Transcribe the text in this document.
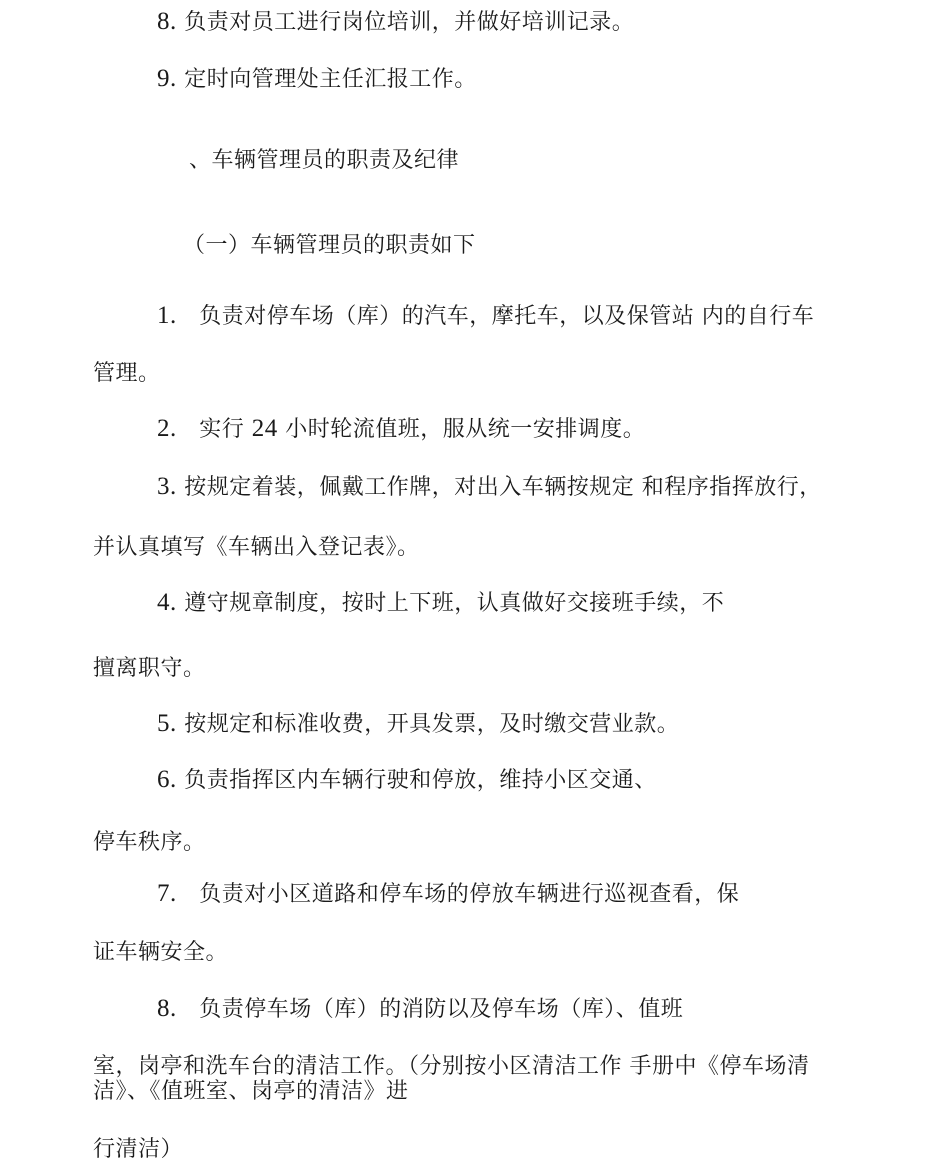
8. 负责对员工进行岗位培训，并做好培训记录。
9. 定时向管理处主任汇报工作。
、车辆管理员的职责及纪律
（一）车辆管理员的职责如下
1. 负责对停车场（库）的汽车，摩托车，以及保管站 内的自行车
管理。
2. 实行 24 小时轮流值班，服从统一安排调度。
3. 按规定着装，佩戴工作牌，对出入车辆按规定 和程序指挥放行，
并认真填写《车辆出入登记表》。
4. 遵守规章制度，按时上下班，认真做好交接班手续，不
擅离职守。
5. 按规定和标准收费，开具发票，及时缴交营业款。
6. 负责指挥区内车辆行驶和停放，维持小区交通、
停车秩序。
7. 负责对小区道路和停车场的停放车辆进行巡视查看，保
证车辆安全。
8. 负责停车场（库）的消防以及停车场（库）、值班
室，岗亭和洗车台的清洁工作。（分别按小区清洁工作 手册中《停车场清洁》、《值班室、岗亭的清洁》进
行清洁）
